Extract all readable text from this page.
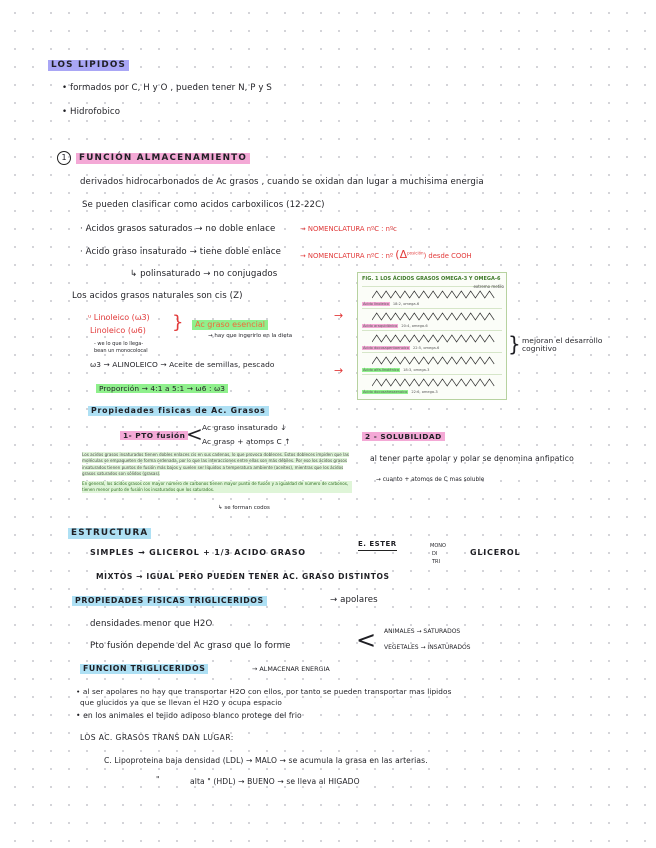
LOS LIPIDOS
• formados por C, H y O , pueden tener N, P y S
• Hidrofobico
1	FUNCIÓN ALMACENAMIENTO
derivados hidrocarbonados de Ac grasos , cuando se oxidan dan lugar a muchisima energia
Se pueden clasificar como acidos carboxilicos (12-22C)
· Acidos grasos saturados → no doble enlace	→ NOMENCLATURA nºC : nºc
· Acido graso insaturado → tiene doble enlace	→ NOMENCLATURA nºC : nº $(\Delta^{posición})$ desde COOH
↳ polinsaturado → no conjugados
Los acidos grasos naturales son cis (Z)
ᵘ Linoleico (ω3)
Linoleico (ω6) }	Ac graso esencial
→ hay que ingerirlo en la dieta
- we lo que lo llega-
bean un monocolocal
ω3 → ALINOLEICO → Aceite de semillas, pescado
Proporción → 4:1 a 5:1 → ω6 : ω3
Propiedades fisicas de Ac. Grasos
1- PTO fusión < Ac graso insaturado ↓
Ac graso + atomos C ↑
→
→
FIG. 1 LOS ÁCIDOS GRASOS OMEGA-3 Y OMEGA-6
Ácido linoleico 18:2, omega-6
Ácido araquidónico 20:4, omega-6
Ácido docosapentaenoico 22:5, omega-6
Ácido alfa-linolénico 18:3, omega-3
Ácido docosahexaenoico 22:6, omega-3
extremo metilo
} mejoran el desarrollo cognitivo
2 - SOLUBILIDAD
al tener parte apolar y polar se denomina anfipatico
→ cuanto + atomos de C mas soluble
Los acidos grasos insaturados tienen dobles enlaces cis en sus cadenas, lo que provoca dobleces. Estos dobleces impiden que las moléculas se empaqueten de forma ordenada, por lo que las interacciones entre ellas son más débiles. Por eso los ácidos grasos insaturados tienen puntos de fusión más bajos y suelen ser líquidos a temperatura ambiente (aceites), mientras que los ácidos grasos saturados son sólidos (grasas).
En general, los ácidos grasos con mayor número de carbonos tienen mayor punto de fusión y a igualdad de número de carbonos, tienen menor punto de fusión los insaturados que los saturados.
↳ se forman codos
ESTRUCTURA
SIMPLES → GLICEROL + 1/3 ACIDO GRASO
E. ESTER	MONO
DI
TRI
GLICEROL
MIXTOS → IGUAL PERO PUEDEN TENER AC. GRASO DISTINTOS
PROPIEDADES FISICAS TRIGLICERIDOS	→ apolares
densidades menor que H2O
Pto fusión depende del Ac graso que lo forme	< ANIMALES → SATURADOS
VEGETALES → INSATURADOS
FUNCION TRIGLICERIDOS	→ ALMACENAR ENERGIA
• al ser apolares no hay que transportar H2O con ellos, por tanto se pueden transportar mas lipidos
que glucidos ya que se llevan el H2O y ocupa espacio
• en los animales el tejido adiposo blanco protege del frio
LOS AC. GRASOS TRANS DAN LUGAR:
C. Lipoproteina baja densidad (LDL) → MALO → se acumula la grasa en las arterias.
"	alta " (HDL) → BUENO → se lleva al HIGADO
